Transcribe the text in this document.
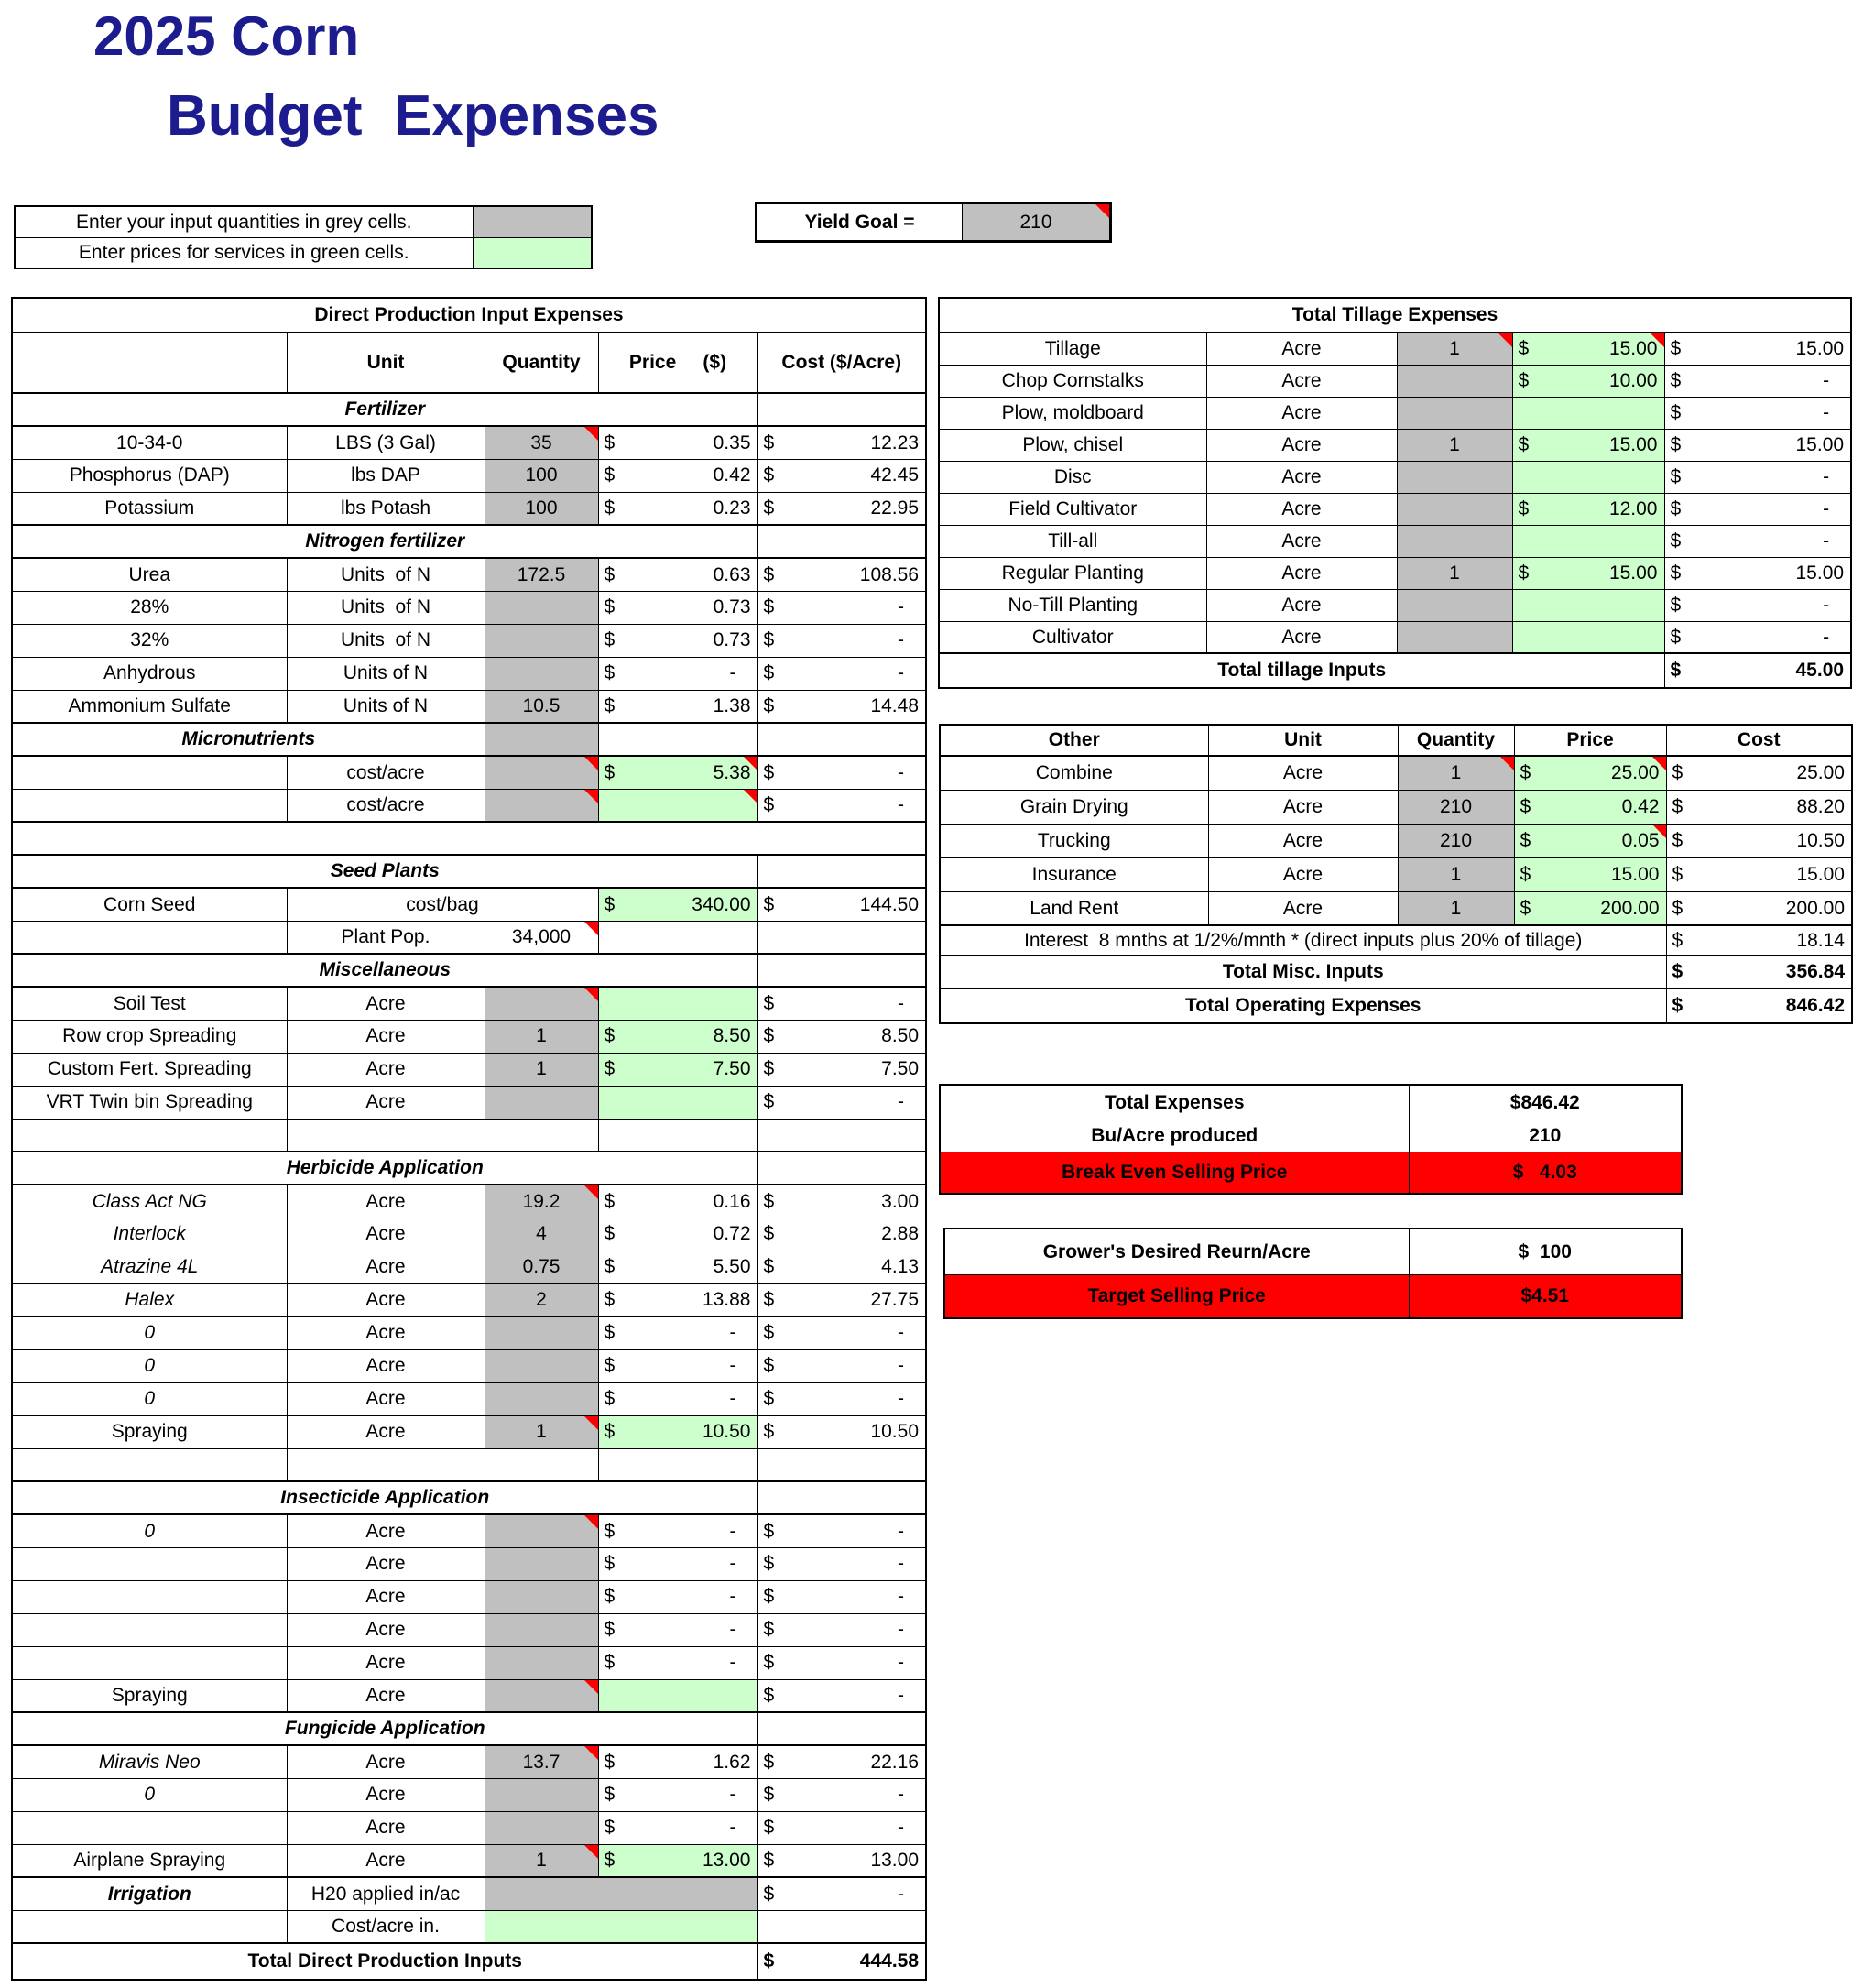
2025 Corn
Budget  Expenses
Enter your input quantities in grey cells.	
Enter prices for services in green cells.	
Yield Goal =	210
Direct Production Input Expenses				
	Unit	Quantity	Price     ($)	Cost ($/Acre)
Fertilizer				
10-34-0	LBS (3 Gal)	35	$ 0.35	$ 12.23

Phosphorus (DAP)	lbs DAP	100	$ 0.42	$ 42.45

Potassium	lbs Potash	100	$ 0.23	$ 22.95

Nitrogen fertilizer				
Urea	Units  of N	172.5	$ 0.63	$ 108.56

28%	Units  of N		$ 0.73	$ -

32%	Units  of N		$ 0.73	$ -

Anhydrous	Units of N		$ -	$ -

Ammonium Sulfate	Units of N	10.5	$ 1.38	$ 14.48

Micronutrients				
	cost/acre		$ 5.38	$ -

	cost/acre			$ -

Seed Plants				
Corn Seed	cost/bag		$ 340.00	$ 144.50

	Plant Pop.	34,000		
Miscellaneous				
Soil Test	Acre			$ -

Row crop Spreading	Acre	1	$ 8.50	$ 8.50

Custom Fert. Spreading	Acre	1	$ 7.50	$ 7.50

VRT Twin bin Spreading	Acre			$ -

Herbicide Application				
Class Act NG	Acre	19.2	$ 0.16	$ 3.00

Interlock	Acre	4	$ 0.72	$ 2.88

Atrazine 4L	Acre	0.75	$ 5.50	$ 4.13

Halex	Acre	2	$ 13.88	$ 27.75

0	Acre		$ -	$ -

0	Acre		$ -	$ -

0	Acre		$ -	$ -

Spraying	Acre	1	$ 10.50	$ 10.50

Insecticide Application				
0	Acre		$ -	$ -

	Acre		$ -	$ -

	Acre		$ -	$ -

	Acre		$ -	$ -

	Acre		$ -	$ -

Spraying	Acre			$ -

Fungicide Application				
Miravis Neo	Acre	13.7	$ 1.62	$ 22.16

0	Acre		$ -	$ -

	Acre		$ -	$ -

Airplane Spraying	Acre	1	$ 13.00	$ 13.00

Irrigation	H20 applied in/ac			$ -

	Cost/acre in.			
Total Direct Production Inputs				$ 444.58
Total Tillage Expenses				
Tillage	Acre	1	$ 15.00	$ 15.00

Chop Cornstalks	Acre		$ 10.00	$ -

Plow, moldboard	Acre			$ -

Plow, chisel	Acre	1	$ 15.00	$ 15.00

Disc	Acre			$ -

Field Cultivator	Acre		$ 12.00	$ -

Till-all	Acre			$ -

Regular Planting	Acre	1	$ 15.00	$ 15.00

No-Till Planting	Acre			$ -

Cultivator	Acre			$ -

Total tillage Inputs				$ 45.00
Other	Unit	Quantity	Price	Cost
Combine	Acre	1	$ 25.00	$ 25.00

Grain Drying	Acre	210	$ 0.42	$ 88.20

Trucking	Acre	210	$ 0.05	$ 10.50

Insurance	Acre	1	$ 15.00	$ 15.00

Land Rent	Acre	1	$ 200.00	$ 200.00

Interest  8 mnths at 1/2%/mnth * (direct inputs plus 20% of tillage)				$ 18.14

Total Misc. Inputs				$ 356.84

Total Operating Expenses				$ 846.42
Total Expenses	$846.42
Bu/Acre produced	210
Break Even Selling Price	$   4.03
Grower's Desired Reurn/Acre	$  100
Target Selling Price	$4.51
